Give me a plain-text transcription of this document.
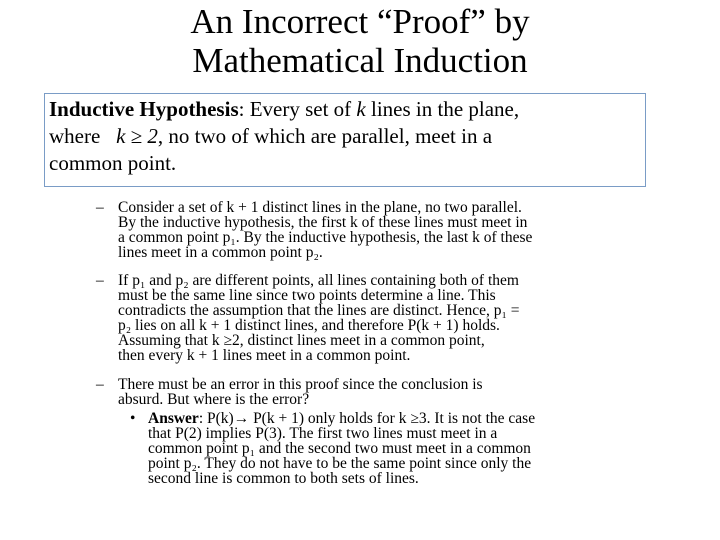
An Incorrect “Proof” by
Mathematical Induction
Inductive Hypothesis: Every set of k lines in the plane,
where   k ≥ 2, no two of which are parallel, meet in a
common point.
– Consider a set of k + 1 distinct lines in the plane, no two parallel.
By the inductive hypothesis, the first k of these lines must meet in
a common point p₁. By the inductive hypothesis, the last k of these
lines meet in a common point p₂.
– If p₁ and p₂ are different points, all lines containing both of them
must be the same line since two points determine a line. This
contradicts the assumption that the lines are distinct. Hence, p₁ =
p₂ lies on all k + 1 distinct lines, and therefore P(k + 1) holds.
Assuming that k ≥2, distinct lines meet in a common point,
then every k + 1 lines meet in a common point.
– There must be an error in this proof since the conclusion is
absurd. But where is the error?
• Answer: P(k)→ P(k + 1) only holds for k ≥3. It is not the case
that P(2) implies P(3). The first two lines must meet in a
common point p₁ and the second two must meet in a common
point p₂. They do not have to be the same point since only the
second line is common to both sets of lines.
